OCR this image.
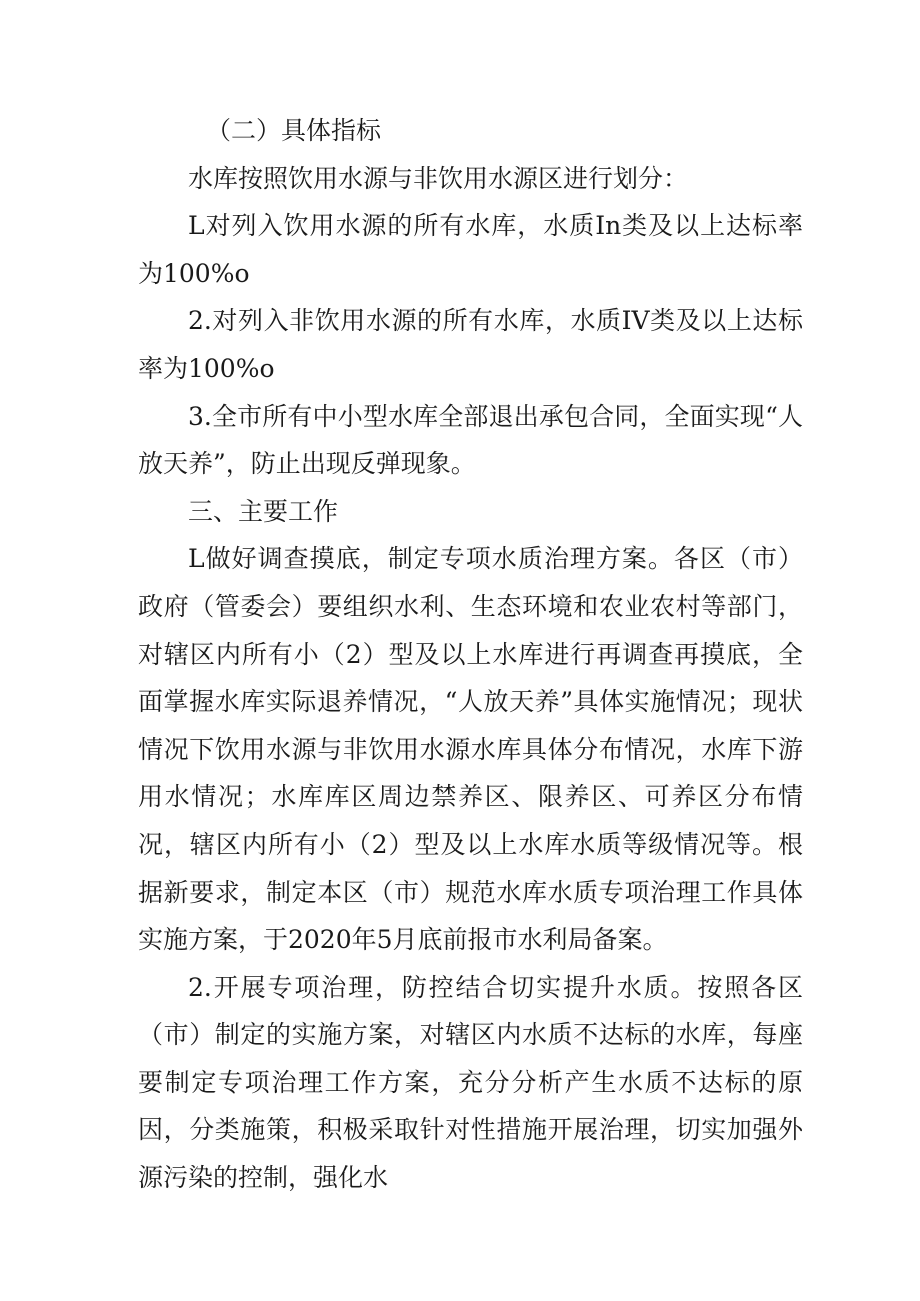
（二）具体指标

水库按照饮用水源与非饮用水源区进行划分：

L对列入饮用水源的所有水库，水质In类及以上达标率为100%o

2.对列入非饮用水源的所有水库，水质IV类及以上达标率为100%o

3.全市所有中小型水库全部退出承包合同，全面实现“人放天养”，防止出现反弹现象。

三、主要工作

L做好调查摸底，制定专项水质治理方案。各区（市）政府（管委会）要组织水利、生态环境和农业农村等部门，对辖区内所有小（2）型及以上水库进行再调查再摸底，全面掌握水库实际退养情况，“人放天养”具体实施情况；现状情况下饮用水源与非饮用水源水库具体分布情况，水库下游用水情况；水库库区周边禁养区、限养区、可养区分布情况，辖区内所有小（2）型及以上水库水质等级情况等。根据新要求，制定本区（市）规范水库水质专项治理工作具体实施方案，于2020年5月底前报市水利局备案。

2.开展专项治理，防控结合切实提升水质。按照各区（市）制定的实施方案，对辖区内水质不达标的水库，每座要制定专项治理工作方案，充分分析产生水质不达标的原因，分类施策，积极采取针对性措施开展治理，切实加强外源污染的控制，强化水
